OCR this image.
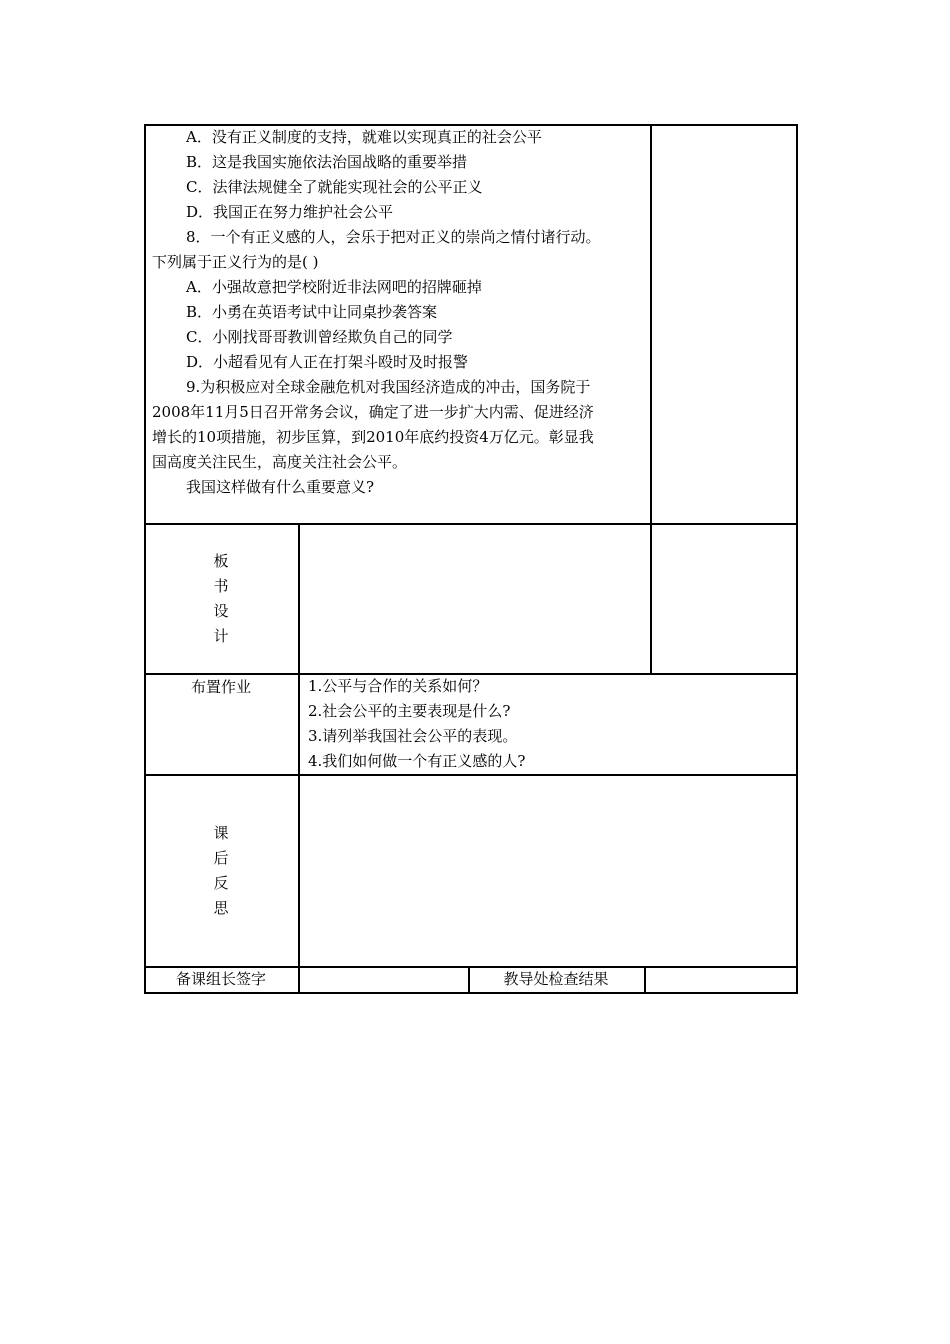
A．没有正义制度的支持，就难以实现真正的社会公平
B．这是我国实施依法治国战略的重要举措
C．法律法规健全了就能实现社会的公平正义
D．我国正在努力维护社会公平
8．一个有正义感的人，会乐于把对正义的崇尚之情付诸行动。
下列属于正义行为的是( )
A．小强故意把学校附近非法网吧的招牌砸掉
B．小勇在英语考试中让同桌抄袭答案
C．小刚找哥哥教训曾经欺负自己的同学
D．小超看见有人正在打架斗殴时及时报警
9.为积极应对全球金融危机对我国经济造成的冲击，国务院于
2008年11月5日召开常务会议，确定了进一步扩大内需、促进经济
增长的10项措施，初步匡算，到2010年底约投资4万亿元。彰显我
国高度关注民生，高度关注社会公平。
我国这样做有什么重要意义?
板
书
设
计
布置作业	1.公平与合作的关系如何？
2.社会公平的主要表现是什么?
3.请列举我国社会公平的表现。
4.我们如何做一个有正义感的人?
课
后
反
思
备课组长签字	教导处检查结果
